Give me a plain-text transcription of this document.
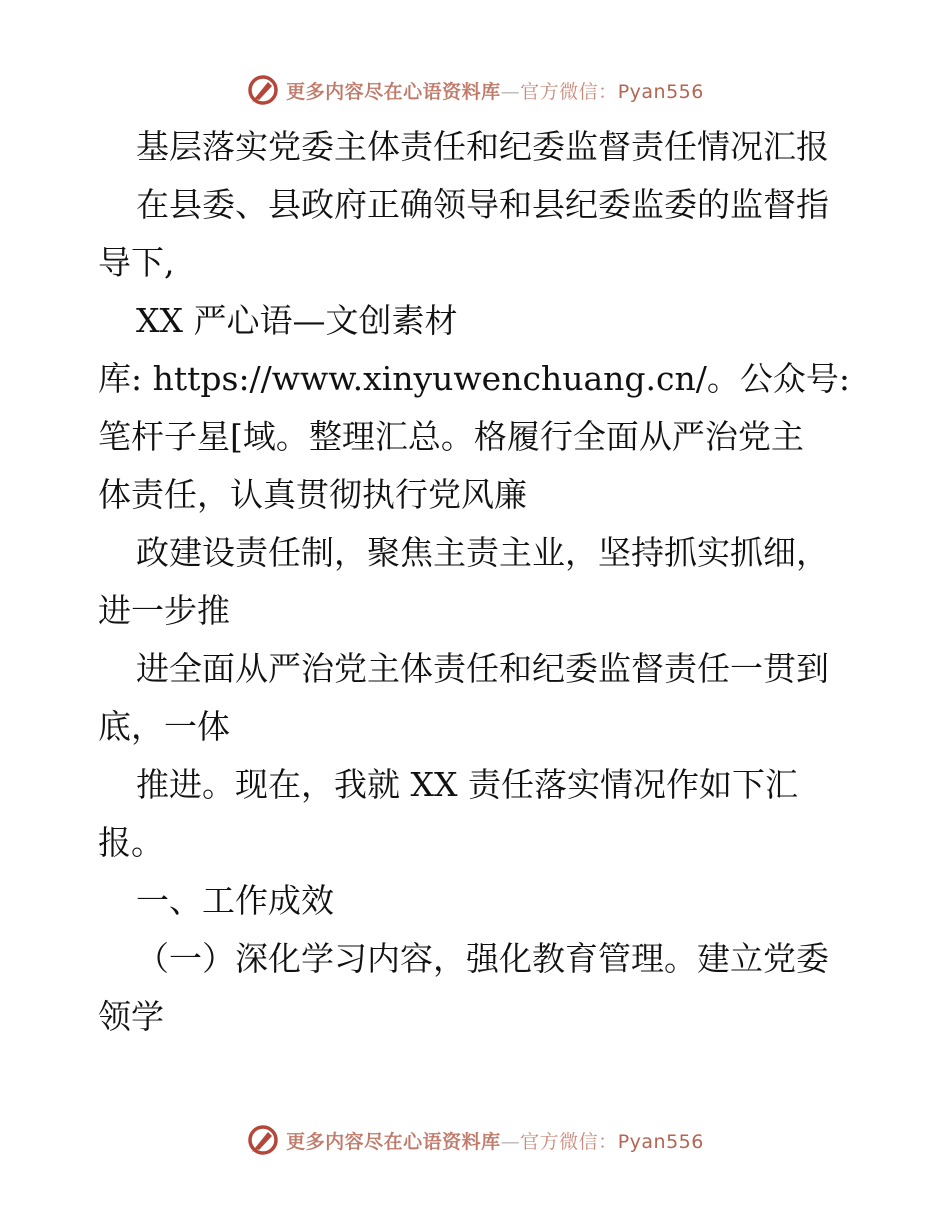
更多内容尽在心语资料库—官方微信：Pyan556
基层落实党委主体责任和纪委监督责任情况汇报
在县委、县政府正确领导和县纪委监委的监督指
导下,
XX 严心语—文创素材
库: https://www.xinyuwenchuang.cn/。公众号:
笔杆子星[域。整理汇总。格履行全面从严治党主
体责任，认真贯彻执行党风廉
政建设责任制，聚焦主责主业，坚持抓实抓细，
进一步推
进全面从严治党主体责任和纪委监督责任一贯到
底，一体
推进。现在，我就 XX 责任落实情况作如下汇
报。
一、工作成效
（一）深化学习内容，强化教育管理。建立党委
领学
更多内容尽在心语资料库—官方微信：Pyan556
